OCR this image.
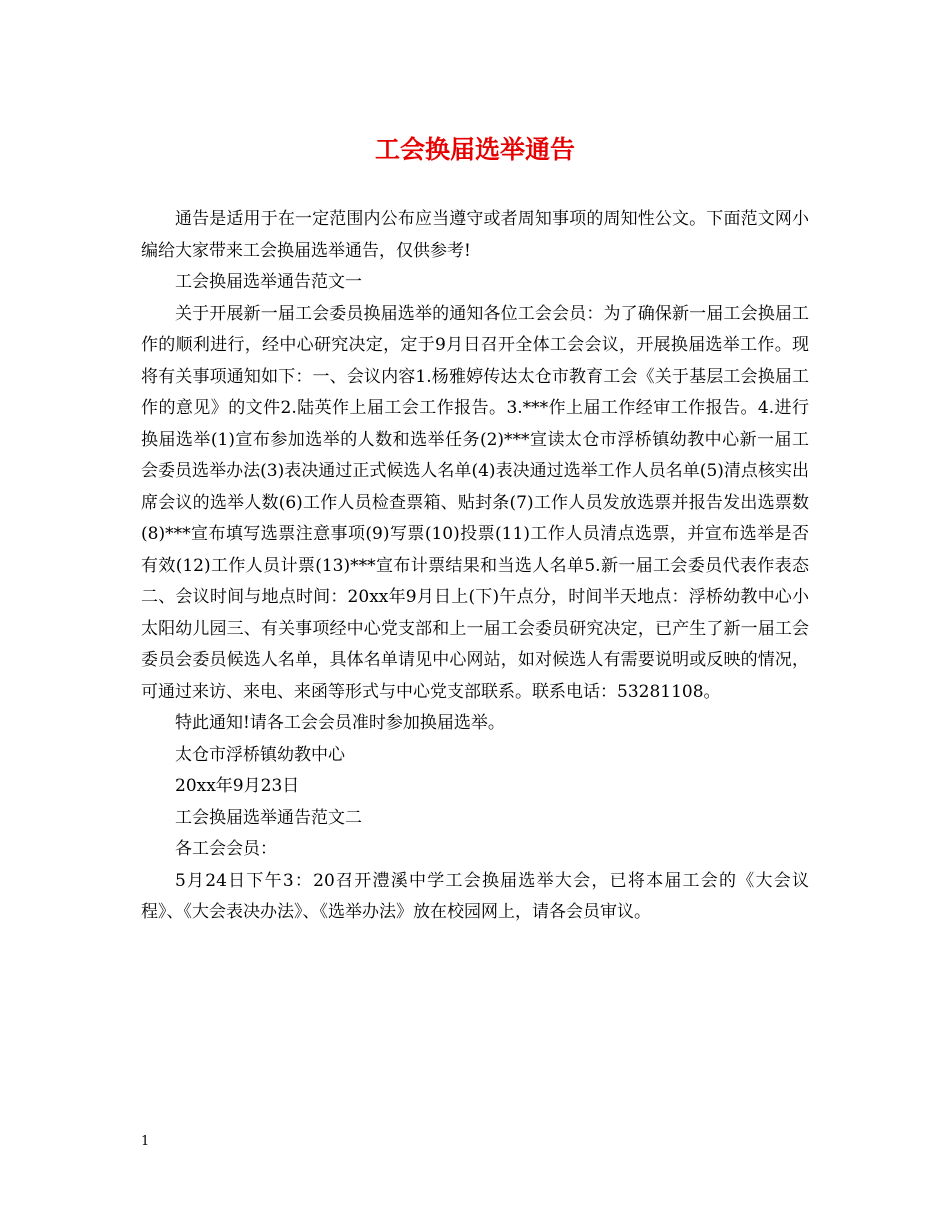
工会换届选举通告

通告是适用于在一定范围内公布应当遵守或者周知事项的周知性公文。下面范文网小编给大家带来工会换届选举通告，仅供参考!

工会换届选举通告范文一

关于开展新一届工会委员换届选举的通知各位工会会员：为了确保新一届工会换届工作的顺利进行，经中心研究决定，定于9月日召开全体工会会议，开展换届选举工作。现将有关事项通知如下：一、会议内容1.杨雅婷传达太仓市教育工会《关于基层工会换届工作的意见》的文件2.陆英作上届工会工作报告。3.***作上届工作经审工作报告。4.进行换届选举(1)宣布参加选举的人数和选举任务(2)***宣读太仓市浮桥镇幼教中心新一届工会委员选举办法(3)表决通过正式候选人名单(4)表决通过选举工作人员名单(5)清点核实出席会议的选举人数(6)工作人员检查票箱、贴封条(7)工作人员发放选票并报告发出选票数(8)***宣布填写选票注意事项(9)写票(10)投票(11)工作人员清点选票，并宣布选举是否有效(12)工作人员计票(13)***宣布计票结果和当选人名单5.新一届工会委员代表作表态二、会议时间与地点时间：20xx年9月日上(下)午点分，时间半天地点：浮桥幼教中心小太阳幼儿园三、有关事项经中心党支部和上一届工会委员研究决定，已产生了新一届工会委员会委员候选人名单，具体名单请见中心网站，如对候选人有需要说明或反映的情况，可通过来访、来电、来函等形式与中心党支部联系。联系电话：53281108。

特此通知!请各工会会员准时参加换届选举。

太仓市浮桥镇幼教中心

20xx年9月23日

工会换届选举通告范文二

各工会会员：

5月24日下午3：20召开澧溪中学工会换届选举大会，已将本届工会的《大会议程》、《大会表决办法》、《选举办法》放在校园网上，请各会员审议。

1
